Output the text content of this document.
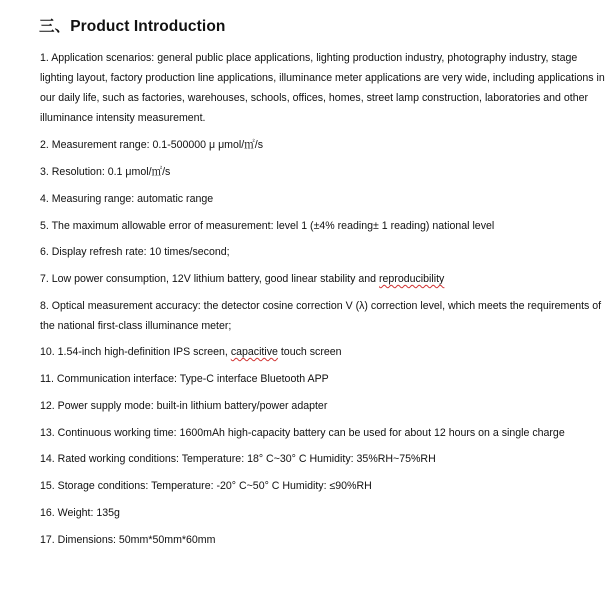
三、Product Introduction

1. Application scenarios: general public place applications, lighting production industry, photography industry, stage lighting layout, factory production line applications, illuminance meter applications are very wide, including applications in our daily life, such as factories, warehouses, schools, offices, homes, street lamp construction, laboratories and other illuminance intensity measurement.

2. Measurement range: 0.1-500000 μ μmol/㎡/s

3. Resolution: 0.1 μmol/㎡/s

4. Measuring range: automatic range

5. The maximum allowable error of measurement: level 1 (±4% reading± 1 reading) national level

6. Display refresh rate: 10 times/second;

7. Low power consumption, 12V lithium battery, good linear stability and reproducibility

8. Optical measurement accuracy: the detector cosine correction V (λ) correction level, which meets the requirements of the national first-class illuminance meter;

10. 1.54-inch high-definition IPS screen, capacitive touch screen

11. Communication interface: Type-C interface Bluetooth APP

12. Power supply mode: built-in lithium battery/power adapter

13. Continuous working time: 1600mAh high-capacity battery can be used for about 12 hours on a single charge

14. Rated working conditions: Temperature: 18° C~30° C Humidity: 35%RH~75%RH

15. Storage conditions: Temperature: -20° C~50° C Humidity: ≤90%RH

16. Weight: 135g

17. Dimensions: 50mm*50mm*60mm
